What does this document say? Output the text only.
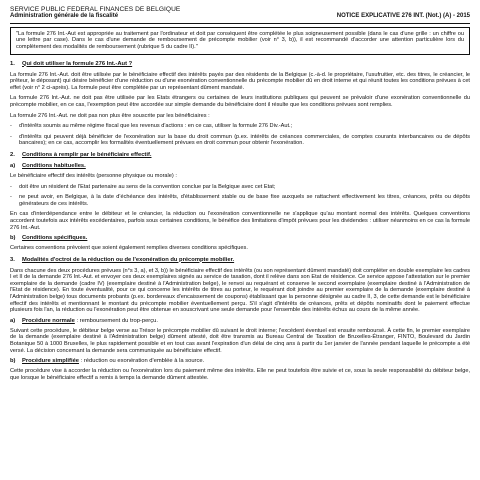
SERVICE PUBLIC FEDERAL FINANCES DE BELGIQUE
Administration générale de la fiscalité	NOTICE EXPLICATIVE 276 INT. (Not.) (A) - 2015
"La formule 276 Int.-Aut est appropriée au traitement par l'ordinateur et doit par conséquent être complétée le plus soigneusement possible (dans le cas d'une grille : un chiffre ou une lettre par case). Dans le cas d'une demande de remboursement de précompte mobilier (voir n° 3, b)), il est recommandé d'accorder une attention particulière lors du complètement des modalités de remboursement (rubrique 5 du cadre II)."
1. Qui doit utiliser la formule 276 Int.-Aut ?

La formule 276 Int.-Aut. doit être utilisée par le bénéficiaire effectif des intérêts payés par des résidents de la Belgique (c.-à-d. le propriétaire, l'usufruitier, etc. des titres, le créancier, le prêteur, le déposant) qui désire bénéficier d'une réduction ou d'une exonération conventionnelle du précompte mobilier dû en droit interne et qui réunit toutes les conditions prévues à cet effet (voir n° 2 ci-après). La formule peut être complétée par un représentant dûment mandaté.

La formule 276 Int.-Aut. ne doit pas être utilisée par les Etats étrangers ou certaines de leurs institutions publiques qui peuvent se prévaloir d'une exonération conventionnelle du précompte mobilier, en ce cas, l'exemption peut être accordée sur simple demande du bénéficiaire dont il résulte que les conditions prévues sont remplies.

La formule 276 Int.-Aut. ne doit pas non plus être souscrite par les bénéficiaires :

-	d'intérêts soumis au même régime fiscal que les revenus d'actions : en ce cas, utiliser la formule 276 Div.-Aut.;
-	d'intérêts qui peuvent déjà bénéficier de l'exonération sur la base du droit commun (p.ex. intérêts de créances commerciales, de comptes courants interbancaires ou de dépôts bancaires); en ce cas, accomplir les formalités éventuellement prévues en droit commun pour obtenir l'exonération.
2. Conditions à remplir par le bénéficiaire effectif.
a) Conditions habituelles.

Le bénéficiaire effectif des intérêts (personne physique ou morale) :

-	doit être un résident de l'Etat partenaire au sens de la convention conclue par la Belgique avec cet Etat;
-	ne peut avoir, en Belgique, à la date d'échéance des intérêts, d'établissement stable ou de base fixe auxquels se rattachent effectivement les titres, créances, prêts ou dépôts générateurs de ces intérêts.

En cas d'interdépendance entre le débiteur et le créancier, la réduction ou l'exonération conventionnelle ne s'applique qu'au montant normal des intérêts. Quelques conventions accordent toutefois aux intérêts excédentaires, parfois sous certaines conditions, le bénéfice des limitations d'impôt prévues pour les dividendes : utiliser néanmoins en ce cas la formule 276 Int.-Aut.

b) Conditions spécifiques.

Certaines conventions prévoient que soient également remplies diverses conditions spécifiques.

3. Modalités d'octroi de la réduction ou de l'exonération du précompte mobilier.

Dans chacune des deux procédures prévues (n°s 3, a), et 3, b)) le bénéficiaire effectif des intérêts (ou son représentant dûment mandaté) doit compléter en double exemplaire les cadres I et II de la demande 276 Int.-Aut. et envoyer ces deux exemplaires signés au service de taxation, dont il relève dans son Etat de résidence. Ce service appose l'attestation sur le premier exemplaire de la demande (cadre IV) (exemplaire destiné à l'Administration belge), le renvoi au requérant et conserve le second exemplaire (exemplaire destiné à l'Administration de l'Etat de résidence). En toute éventualité, pour ce qui concerne les intérêts de titres au porteur, le requérant doit joindre au premier exemplaire de la demande (exemplaire destiné à l'Administration belge) tous documents probants (p.ex. bordereaux d'encaissement de coupons) établissant que la personne désignée au cadre II, 3, de cette demande est le bénéficiaire effectif des intérêts et mentionnant le montant du précompte mobilier éventuellement perçu. S'il s'agit d'intérêts de créances, prêts et dépôts nominatifs dont le paiement effectue plusieurs fois l'an, la réduction ou l'exonération peut être obtenue en souscrivant une seule demande pour l'ensemble des intérêts échus au cours de la même année.

a) Procédure normale : remboursement du trop-perçu.

Suivant cette procédure, le débiteur belge verse au Trésor le précompte mobilier dû suivant le droit interne; l'excédent éventuel est ensuite remboursé. À cette fin, le premier exemplaire de la demande (exemplaire destiné à l'Administration belge) dûment attesté, doit être transmis au Bureau Central de Taxation de Bruxelles-Étranger, FINTO, Boulevard du Jardin Botanique 50 à 1000 Bruxelles, le plus rapidement possible et en tout cas avant l'expiration d'un délai de cinq ans à partir du 1er janvier de l'année pendant laquelle le précompte a été versé. La décision concernant la demande sera communiquée au bénéficiaire effectif.

b) Procédure simplifiée : réduction ou exonération d'emblée à la source.

Cette procédure vise à accorder la réduction ou l'exonération lors du paiement même des intérêts. Elle ne peut toutefois être suivie et ce, sous la seule responsabilité du débiteur belge, que lorsque le bénéficiaire effectif a remis à temps la demande dûment attestée.
